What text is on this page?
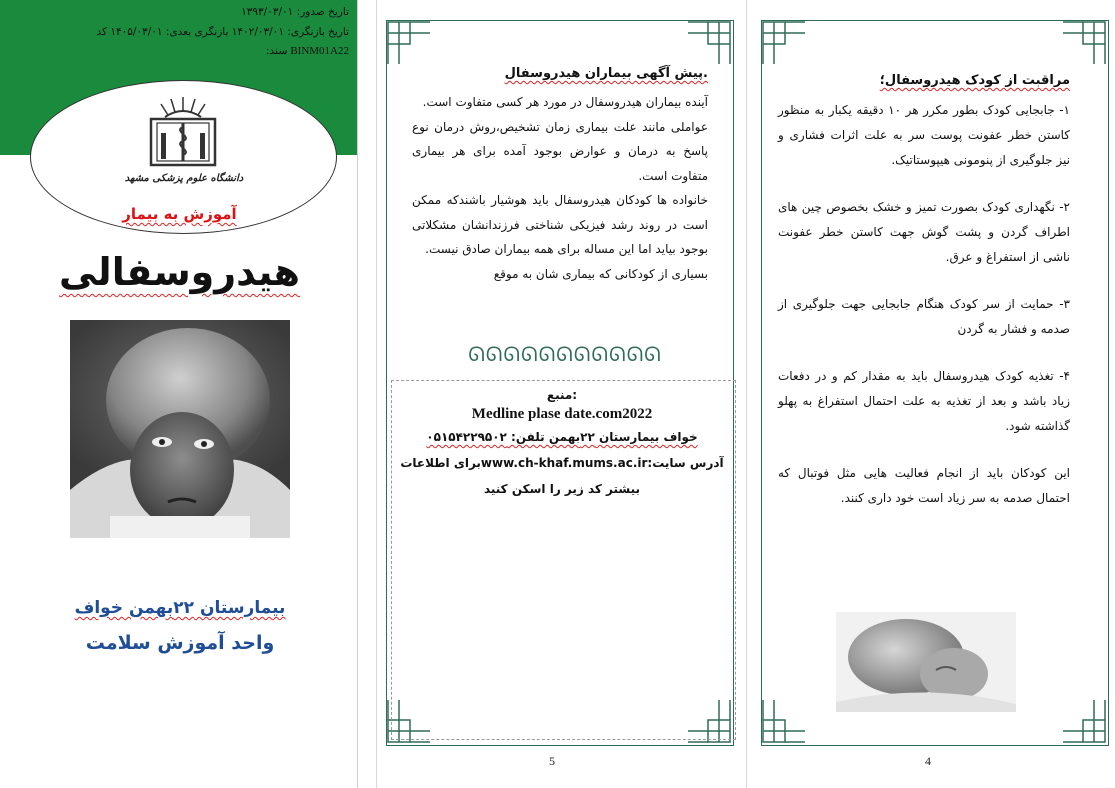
تاریخ صدور: ۱۳۹۳/۰۳/۰۱
تاریخ بازنگری: ۱۴۰۲/۰۳/۰۱ بازنگری بعدی: ۱۴۰۵/۰۳/۰۱ کد
BINM01A22 سند:
دانشگاه علوم پزشکی مشهد
آموزش به بیمار
هیدروسفالی
بیمارستان ۲۲بهمن خواف
واحد آموزش سلامت
.پیش آگهی بیماران هیدروسفال
آینده بیماران هیدروسفال در مورد هر کسی متفاوت است.
عواملی مانند علت بیماری زمان تشخیص،روش درمان نوع پاسخ به درمان و عوارض بوجود آمده برای هر بیماری متفاوت است.
خانواده ها کودکان هیدروسفال باید هوشیار باشندکه ممکن است در روند رشد فیزیکی شناختی فرزندانشان مشکلاتی بوجود بیاید اما این مساله برای همه بیماران صادق نیست.
بسیاری از کودکانی که بیماری شان به موقع
ᘏᘏᘏᘏᘏᘏᘏᘏᘏᘏᘏ
:منبع
Medline plase date.com2022
خواف بیمارستان ۲۲بهمن تلفن: ۰۵۱۵۴۲۲۹۵۰۲
آدرس سایت:www.ch-khaf.mums.ac.irبرای اطلاعات
بیشتر کد زیر را اسکن کنید
5
مراقبت از کودک هیدروسفال؛
۱- جابجایی کودک بطور مکرر هر ۱۰ دقیقه یکبار به منظور کاستن خطر عفونت پوست سر به علت اثرات فشاری و نیز جلوگیری از پنومونی هیپوستاتیک.
۲- نگهداری کودک بصورت تمیز و خشک بخصوص چین های اطراف گردن و پشت گوش جهت کاستن خطر عفونت ناشی از استفراغ و عرق.
۳- حمایت از سر کودک هنگام جابجایی جهت جلوگیری از صدمه و فشار به گردن
۴- تغذیه کودک هیدروسفال باید به مقدار کم و در دفعات زیاد باشد و بعد از تغذیه به علت احتمال استفراغ به پهلو گذاشته شود.
این کودکان باید از انجام فعالیت هایی مثل فوتبال که احتمال صدمه به سر زیاد است خود داری کنند.
4
